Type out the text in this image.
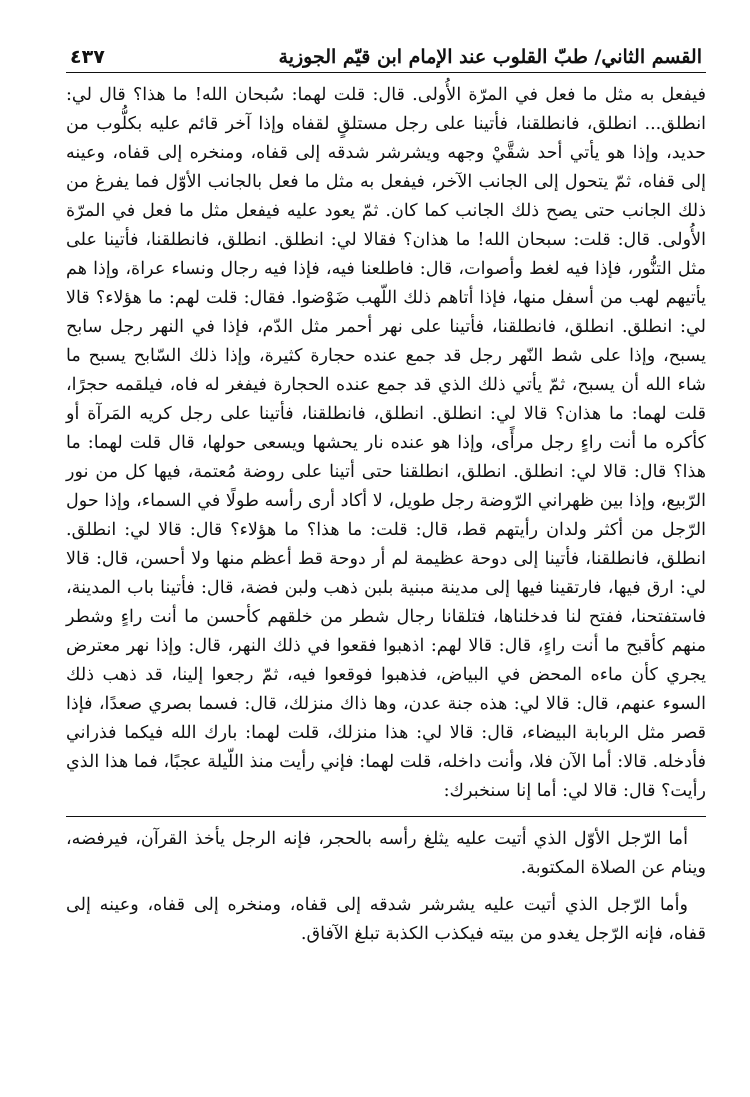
القسم الثاني/ طبّ القلوب عند الإمام ابن قيّم الجوزية
٤٣٧

فيفعل به مثل ما فعل في المرّة الأُولى. قال: قلت لهما: سُبحان الله! ما هذا؟ قال لي: انطلق... انطلق، فانطلقنا، فأتينا على رجل مستلقٍ لقفاه وإذا آخر قائم عليه بكلُّوب من حديد، وإذا هو يأتي أحد شقَّيْ وجهه ويشرشر شدقه إلى قفاه، ومنخره إلى قفاه، وعينه إلى قفاه، ثمّ يتحول إلى الجانب الآخر، فيفعل به مثل ما فعل بالجانب الأوّل فما يفرغ من ذلك الجانب حتى يصح ذلك الجانب كما كان. ثمّ يعود عليه فيفعل مثل ما فعل في المرّة الأُولى. قال: قلت: سبحان الله! ما هذان؟ فقالا لي: انطلق. انطلق، فانطلقنا، فأتينا على مثل التنُّور، فإذا فيه لغط وأصوات، قال: فاطلعنا فيه، فإذا فيه رجال ونساء عراة، وإذا هم يأتيهم لهب من أسفل منها، فإذا أتاهم ذلك اللّهب ضَوْضوا. فقال: قلت لهم: ما هؤلاء؟ قالا لي: انطلق. انطلق، فانطلقنا، فأتينا على نهر أحمر مثل الدّم، فإذا في النهر رجل سابح يسبح، وإذا على شط النّهر رجل قد جمع عنده حجارة كثيرة، وإذا ذلك السّابح يسبح ما شاء الله أن يسبح، ثمّ يأتي ذلك الذي قد جمع عنده الحجارة فيفغر له فاه، فيلقمه حجرًا، قلت لهما: ما هذان؟ قالا لي: انطلق. انطلق، فانطلقنا، فأتينا على رجل كريه المَرآة أو كأكره ما أنت راءٍ رجل مرأًى، وإذا هو عنده نار يحشها ويسعى حولها، قال قلت لهما: ما هذا؟ قال: قالا لي: انطلق. انطلق، انطلقنا حتى أتينا على روضة مُعتمة، فيها كل من نور الرّبيع، وإذا بين ظهراني الرّوضة رجل طويل، لا أكاد أرى رأسه طولًا في السماء، وإذا حول الرّجل من أكثر ولدان رأيتهم قط، قال: قلت: ما هذا؟ ما هؤلاء؟ قال: قالا لي: انطلق. انطلق، فانطلقنا، فأتينا إلى دوحة عظيمة لم أر دوحة قط أعظم منها ولا أحسن، قال: قالا لي: ارق فيها، فارتقينا فيها إلى مدينة مبنية بلبن ذهب ولبن فضة، قال: فأتينا باب المدينة، فاستفتحنا، ففتح لنا فدخلناها، فتلقانا رجال شطر من خلقهم كأحسن ما أنت راءٍ وشطر منهم كأقبح ما أنت راءٍ، قال: قالا لهم: اذهبوا فقعوا في ذلك النهر، قال: وإذا نهر معترض يجري كأن ماءه المحض في البياض، فذهبوا فوقعوا فيه، ثمّ رجعوا إلينا، قد ذهب ذلك السوء عنهم، قال: قالا لي: هذه جنة عدن، وها ذاك منزلك، قال: فسما بصري صعدًا، فإذا قصر مثل الربابة البيضاء، قال: قالا لي: هذا منزلك، قلت لهما: بارك الله فيكما فذراني فأدخله. قالا: أما الآن فلا، وأنت داخله، قلت لهما: فإني رأيت منذ اللّيلة عجبًا، فما هذا الذي رأيت؟ قال: قالا لي: أما إنا سنخبرك:

أما الرّجل الأوّل الذي أتيت عليه يثلغ رأسه بالحجر، فإنه الرجل يأخذ القرآن، فيرفضه، وينام عن الصلاة المكتوبة.

وأما الرّجل الذي أتيت عليه يشرشر شدقه إلى قفاه، ومنخره إلى قفاه، وعينه إلى قفاه، فإنه الرّجل يغدو من بيته فيكذب الكذبة تبلغ الآفاق.
